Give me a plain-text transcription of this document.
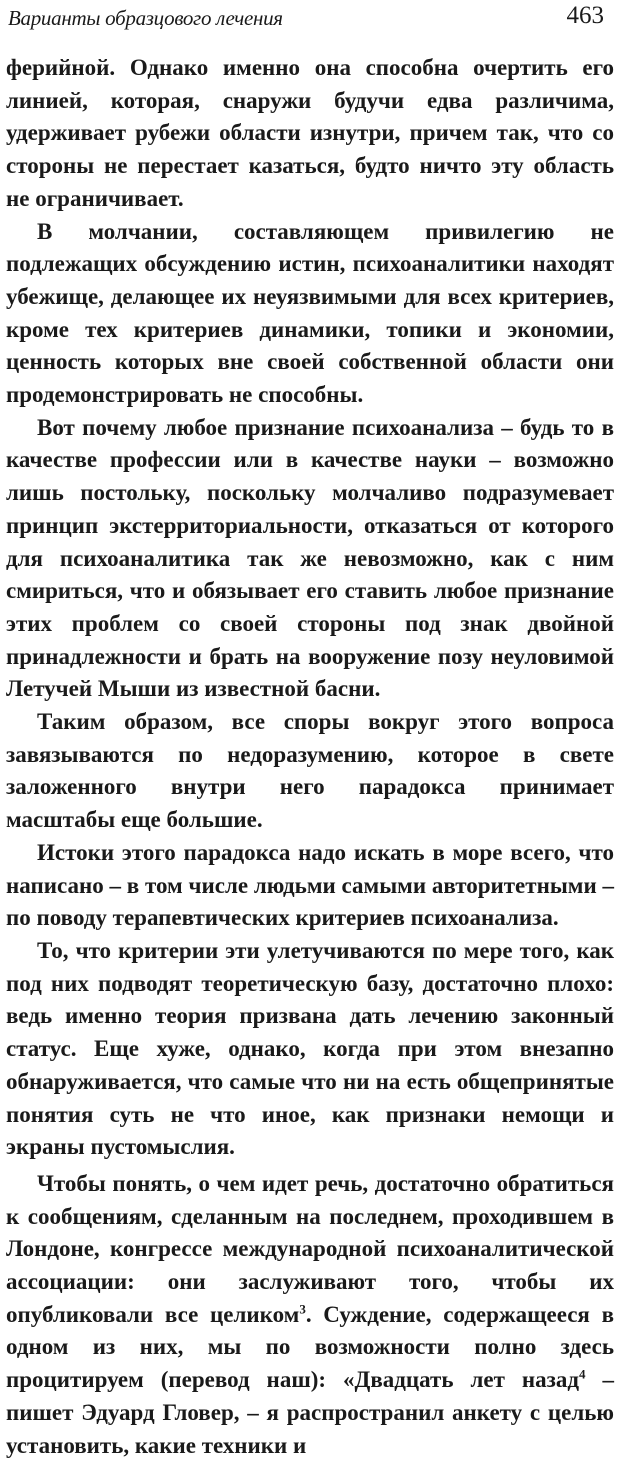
Варианты образцового лечения	463

ферийной. Однако именно она способна очертить его линией, которая, снаружи будучи едва различима, удерживает рубежи области изнутри, причем так, что со стороны не перестает казаться, будто ничто эту область не ограничивает.

В молчании, составляющем привилегию не подлежащих обсуждению истин, психоаналитики находят убежище, делающее их неуязвимыми для всех критериев, кроме тех критериев динамики, топики и экономии, ценность которых вне своей собственной области они продемонстрировать не способны.

Вот почему любое признание психоанализа – будь то в качестве профессии или в качестве науки – возможно лишь постольку, поскольку молчаливо подразумевает принцип экстерриториальности, отказаться от которого для психоаналитика так же невозможно, как с ним смириться, что и обязывает его ставить любое признание этих проблем со своей стороны под знак двойной принадлежности и брать на вооружение позу неуловимой Летучей Мыши из известной басни.

Таким образом, все споры вокруг этого вопроса завязываются по недоразумению, которое в свете заложенного внутри него парадокса принимает масштабы еще большие.

Истоки этого парадокса надо искать в море всего, что написано – в том числе людьми самыми авторитетными – по поводу терапевтических критериев психоанализа.

То, что критерии эти улетучиваются по мере того, как под них подводят теоретическую базу, достаточно плохо: ведь именно теория призвана дать лечению законный статус. Еще хуже, однако, когда при этом внезапно обнаруживается, что самые что ни на есть общепринятые понятия суть не что иное, как признаки немощи и экраны пустомыслия.

Чтобы понять, о чем идет речь, достаточно обратиться к сообщениям, сделанным на последнем, проходившем в Лондоне, конгрессе международной психоаналитической ассоциации: они заслуживают того, чтобы их опубликовали все целиком$^3$. Суждение, содержащееся в одном из них, мы по возможности полно здесь процитируем (перевод наш): «Двадцать лет назад$^4$ – пишет Эдуард Гловер, – я распространил анкету с целью установить, какие техники и
